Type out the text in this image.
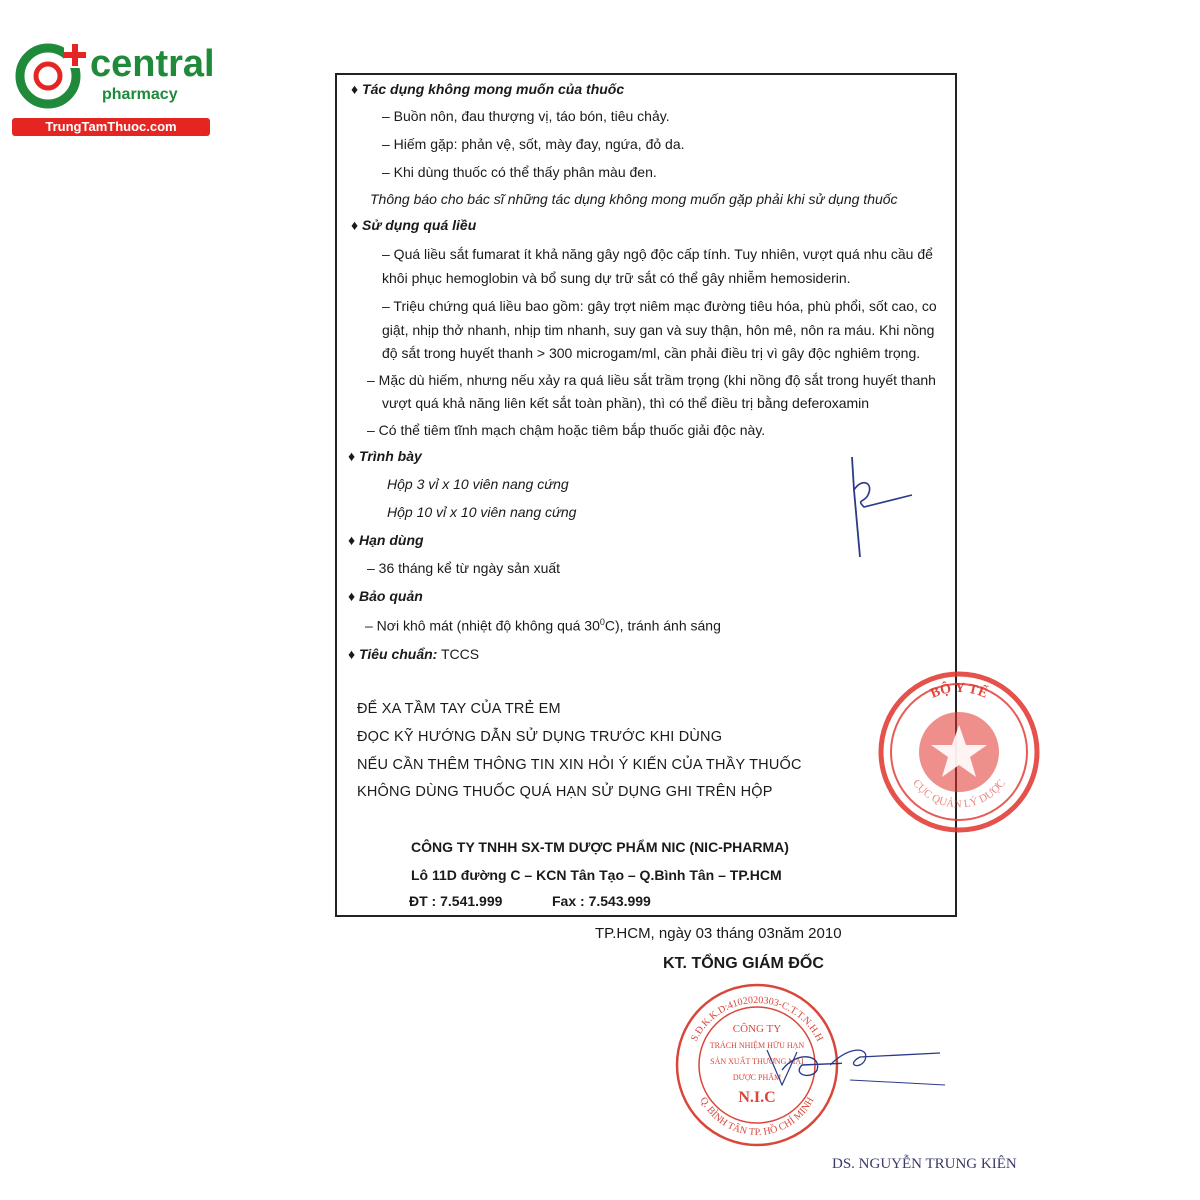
central
pharmacy
TrungTamThuoc.com
♦ Tác dụng không mong muốn của thuốc
– Buồn nôn, đau thượng vị, táo bón, tiêu chảy.
– Hiếm gặp: phản vệ, sốt, mày đay, ngứa, đỏ da.
– Khi dùng thuốc có thể thấy phân màu đen.
Thông báo cho bác sĩ những tác dụng không mong muốn gặp phải khi sử dụng thuốc
♦ Sử dụng quá liều
– Quá liều sắt fumarat ít khả năng gây ngộ độc cấp tính. Tuy nhiên, vượt quá nhu cầu để
khôi phục hemoglobin và bổ sung dự trữ sắt có thể gây nhiễm hemosiderin.
– Triệu chứng quá liều bao gồm: gây trợt niêm mạc đường tiêu hóa, phù phổi, sốt cao, co
giật, nhịp thở nhanh, nhịp tim nhanh, suy gan và suy thận, hôn mê, nôn ra máu. Khi nồng
độ sắt trong huyết thanh > 300 microgam/ml, cần phải điều trị vì gây độc nghiêm trọng.
– Mặc dù hiếm, nhưng nếu xảy ra quá liều sắt trầm trọng (khi nồng độ sắt trong huyết thanh
vượt quá khả năng liên kết sắt toàn phần), thì có thể điều trị bằng deferoxamin
– Có thể tiêm tĩnh mạch chậm hoặc tiêm bắp thuốc giải độc này.
♦ Trình bày
Hộp 3 vỉ x 10 viên nang cứng
Hộp 10 vỉ x 10 viên nang cứng
♦ Hạn dùng
– 36 tháng kể từ ngày sản xuất
♦ Bảo quản
– Nơi khô mát (nhiệt độ không quá $30^0C$), tránh ánh sáng
♦ Tiêu chuẩn: TCCS
ĐỂ XA TẦM TAY CỦA TRẺ EM
ĐỌC KỸ HƯỚNG DẪN SỬ DỤNG TRƯỚC KHI DÙNG
NẾU CẦN THÊM THÔNG TIN XIN HỎI Ý KIẾN CỦA THẦY THUỐC
KHÔNG DÙNG THUỐC QUÁ HẠN SỬ DỤNG GHI TRÊN HỘP
CÔNG TY TNHH SX-TM DƯỢC PHẨM NIC (NIC-PHARMA)
Lô 11D đường C – KCN Tân Tạo – Q.Bình Tân – TP.HCM
ĐT : 7.541.999	Fax : 7.543.999
BỘ Y TẾ
CỤC QUẢN LÝ DƯỢC
TP.HCM, ngày 03 tháng 03năm 2010
KT. TỔNG GIÁM ĐỐC
S.Đ.K.K.D:4102020303-C.T.T.N.H.H
Q. BÌNH TÂN TP. HỒ CHÍ MINH
CÔNG TY
TRÁCH NHIỆM HỮU HẠN
SẢN XUẤT THƯƠNG MẠI
DƯỢC PHẨM
N.I.C
DS. NGUYỄN TRUNG KIÊN
